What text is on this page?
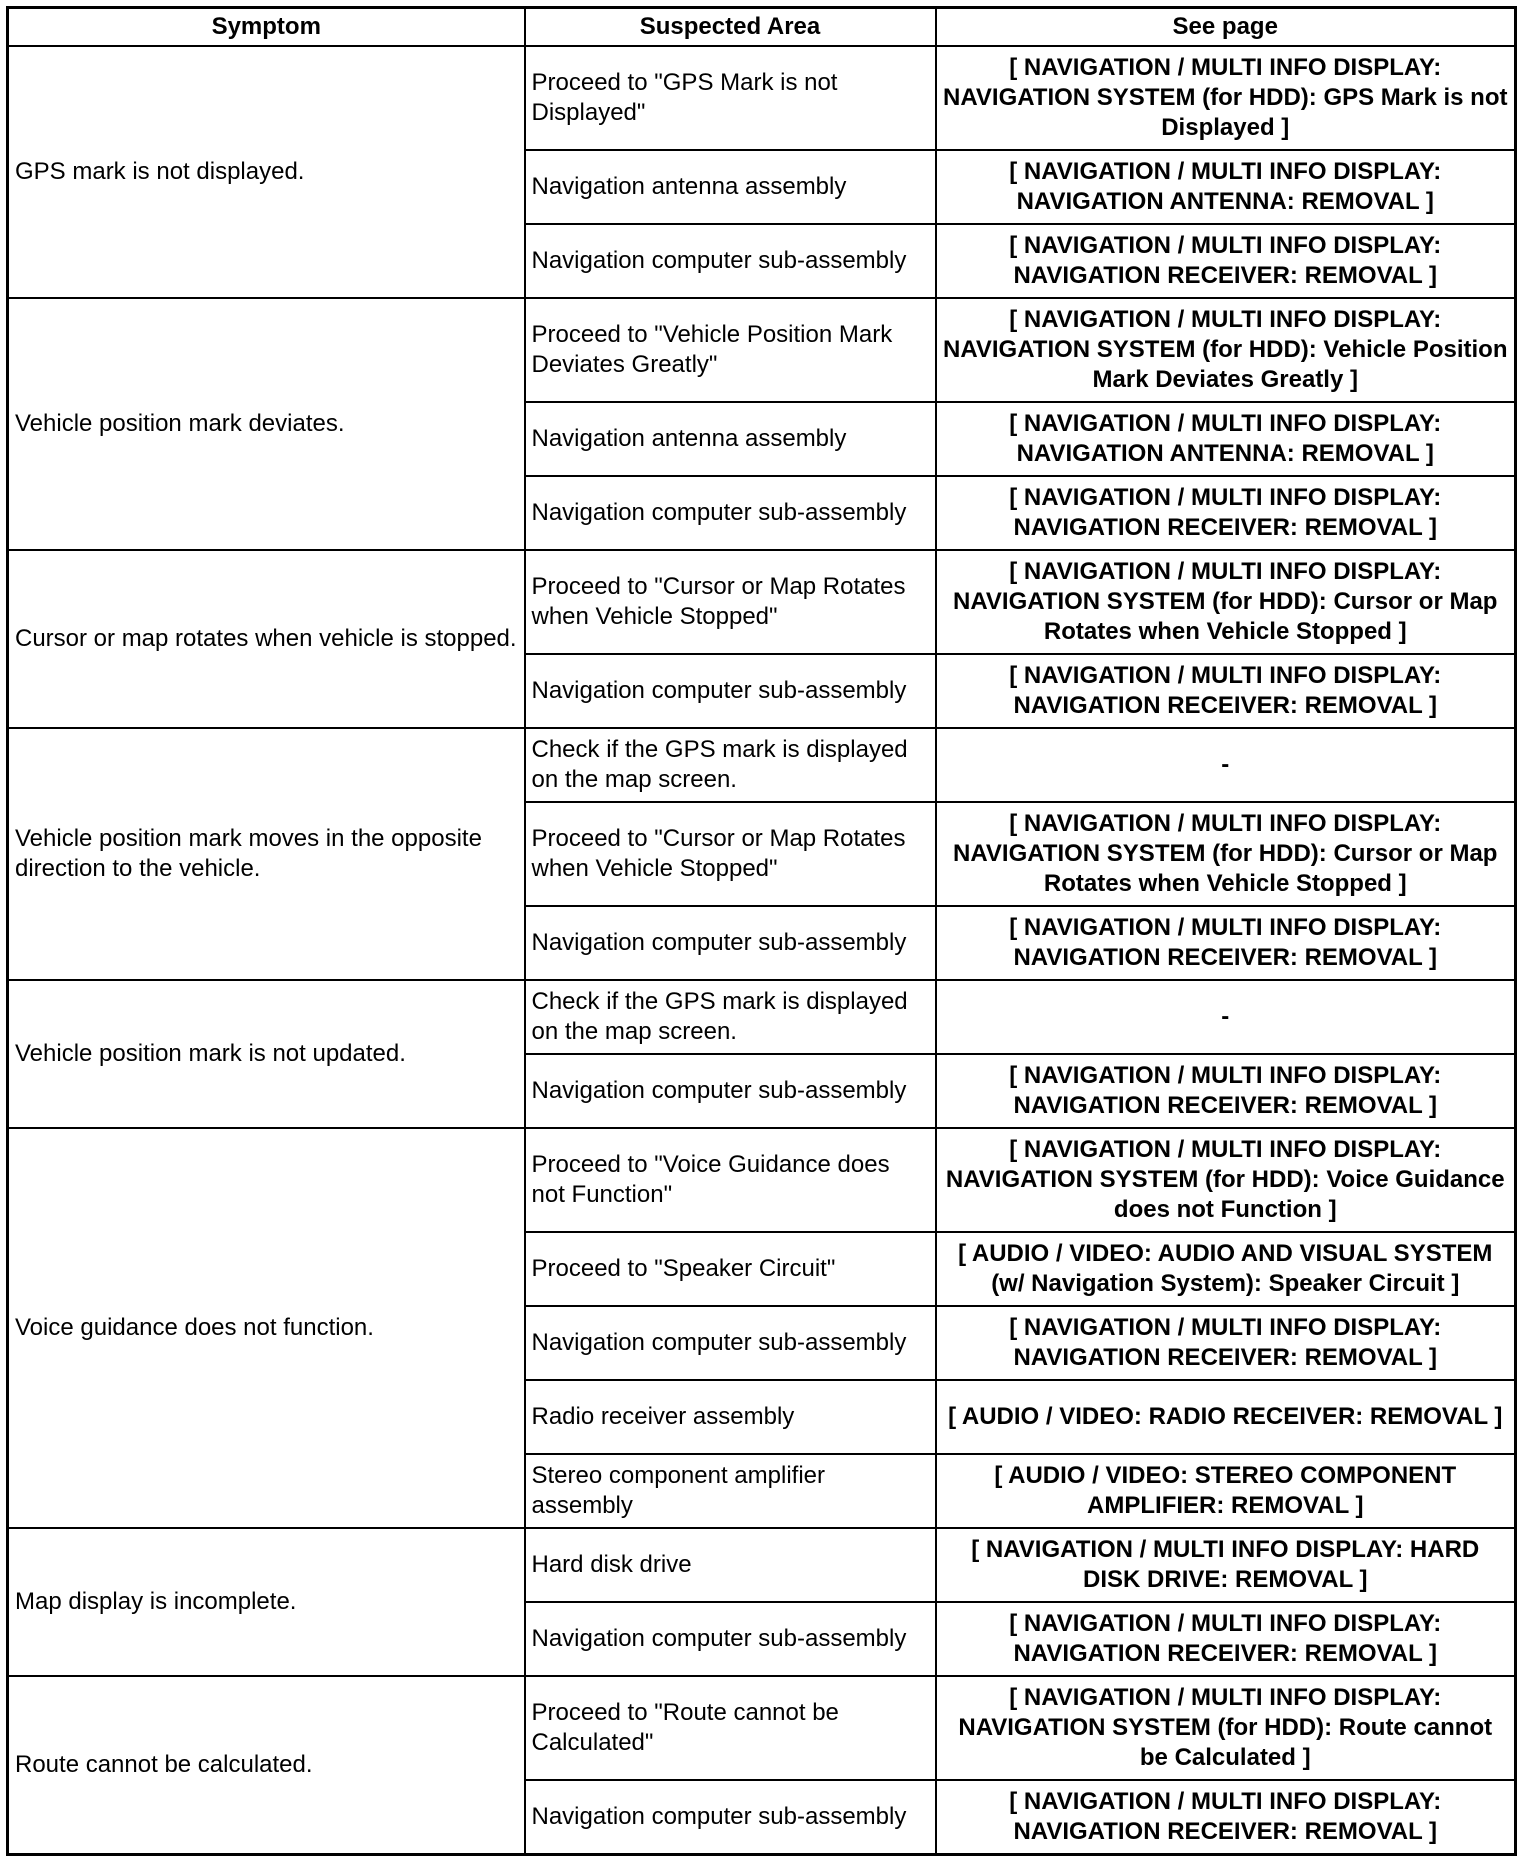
Symptom	Suspected Area	See page
GPS mark is not displayed.	Proceed to "GPS Mark is not Displayed"	[ NAVIGATION / MULTI INFO DISPLAY: NAVIGATION SYSTEM (for HDD): GPS Mark is not Displayed ]
	Navigation antenna assembly	[ NAVIGATION / MULTI INFO DISPLAY: NAVIGATION ANTENNA: REMOVAL ]
	Navigation computer sub-assembly	[ NAVIGATION / MULTI INFO DISPLAY: NAVIGATION RECEIVER: REMOVAL ]
Vehicle position mark deviates.	Proceed to "Vehicle Position Mark Deviates Greatly"	[ NAVIGATION / MULTI INFO DISPLAY: NAVIGATION SYSTEM (for HDD): Vehicle Position Mark Deviates Greatly ]
	Navigation antenna assembly	[ NAVIGATION / MULTI INFO DISPLAY: NAVIGATION ANTENNA: REMOVAL ]
	Navigation computer sub-assembly	[ NAVIGATION / MULTI INFO DISPLAY: NAVIGATION RECEIVER: REMOVAL ]
Cursor or map rotates when vehicle is stopped.	Proceed to "Cursor or Map Rotates when Vehicle Stopped"	[ NAVIGATION / MULTI INFO DISPLAY: NAVIGATION SYSTEM (for HDD): Cursor or Map Rotates when Vehicle Stopped ]
	Navigation computer sub-assembly	[ NAVIGATION / MULTI INFO DISPLAY: NAVIGATION RECEIVER: REMOVAL ]
Vehicle position mark moves in the opposite direction to the vehicle.	Check if the GPS mark is displayed on the map screen.	-
	Proceed to "Cursor or Map Rotates when Vehicle Stopped"	[ NAVIGATION / MULTI INFO DISPLAY: NAVIGATION SYSTEM (for HDD): Cursor or Map Rotates when Vehicle Stopped ]
	Navigation computer sub-assembly	[ NAVIGATION / MULTI INFO DISPLAY: NAVIGATION RECEIVER: REMOVAL ]
Vehicle position mark is not updated.	Check if the GPS mark is displayed on the map screen.	-
	Navigation computer sub-assembly	[ NAVIGATION / MULTI INFO DISPLAY: NAVIGATION RECEIVER: REMOVAL ]
Voice guidance does not function.	Proceed to "Voice Guidance does not Function"	[ NAVIGATION / MULTI INFO DISPLAY: NAVIGATION SYSTEM (for HDD): Voice Guidance does not Function ]
	Proceed to "Speaker Circuit"	[ AUDIO / VIDEO: AUDIO AND VISUAL SYSTEM (w/ Navigation System): Speaker Circuit ]
	Navigation computer sub-assembly	[ NAVIGATION / MULTI INFO DISPLAY: NAVIGATION RECEIVER: REMOVAL ]
	Radio receiver assembly	[ AUDIO / VIDEO: RADIO RECEIVER: REMOVAL ]
	Stereo component amplifier assembly	[ AUDIO / VIDEO: STEREO COMPONENT AMPLIFIER: REMOVAL ]
Map display is incomplete.	Hard disk drive	[ NAVIGATION / MULTI INFO DISPLAY: HARD DISK DRIVE: REMOVAL ]
	Navigation computer sub-assembly	[ NAVIGATION / MULTI INFO DISPLAY: NAVIGATION RECEIVER: REMOVAL ]
Route cannot be calculated.	Proceed to "Route cannot be Calculated"	[ NAVIGATION / MULTI INFO DISPLAY: NAVIGATION SYSTEM (for HDD): Route cannot be Calculated ]
	Navigation computer sub-assembly	[ NAVIGATION / MULTI INFO DISPLAY: NAVIGATION RECEIVER: REMOVAL ]
